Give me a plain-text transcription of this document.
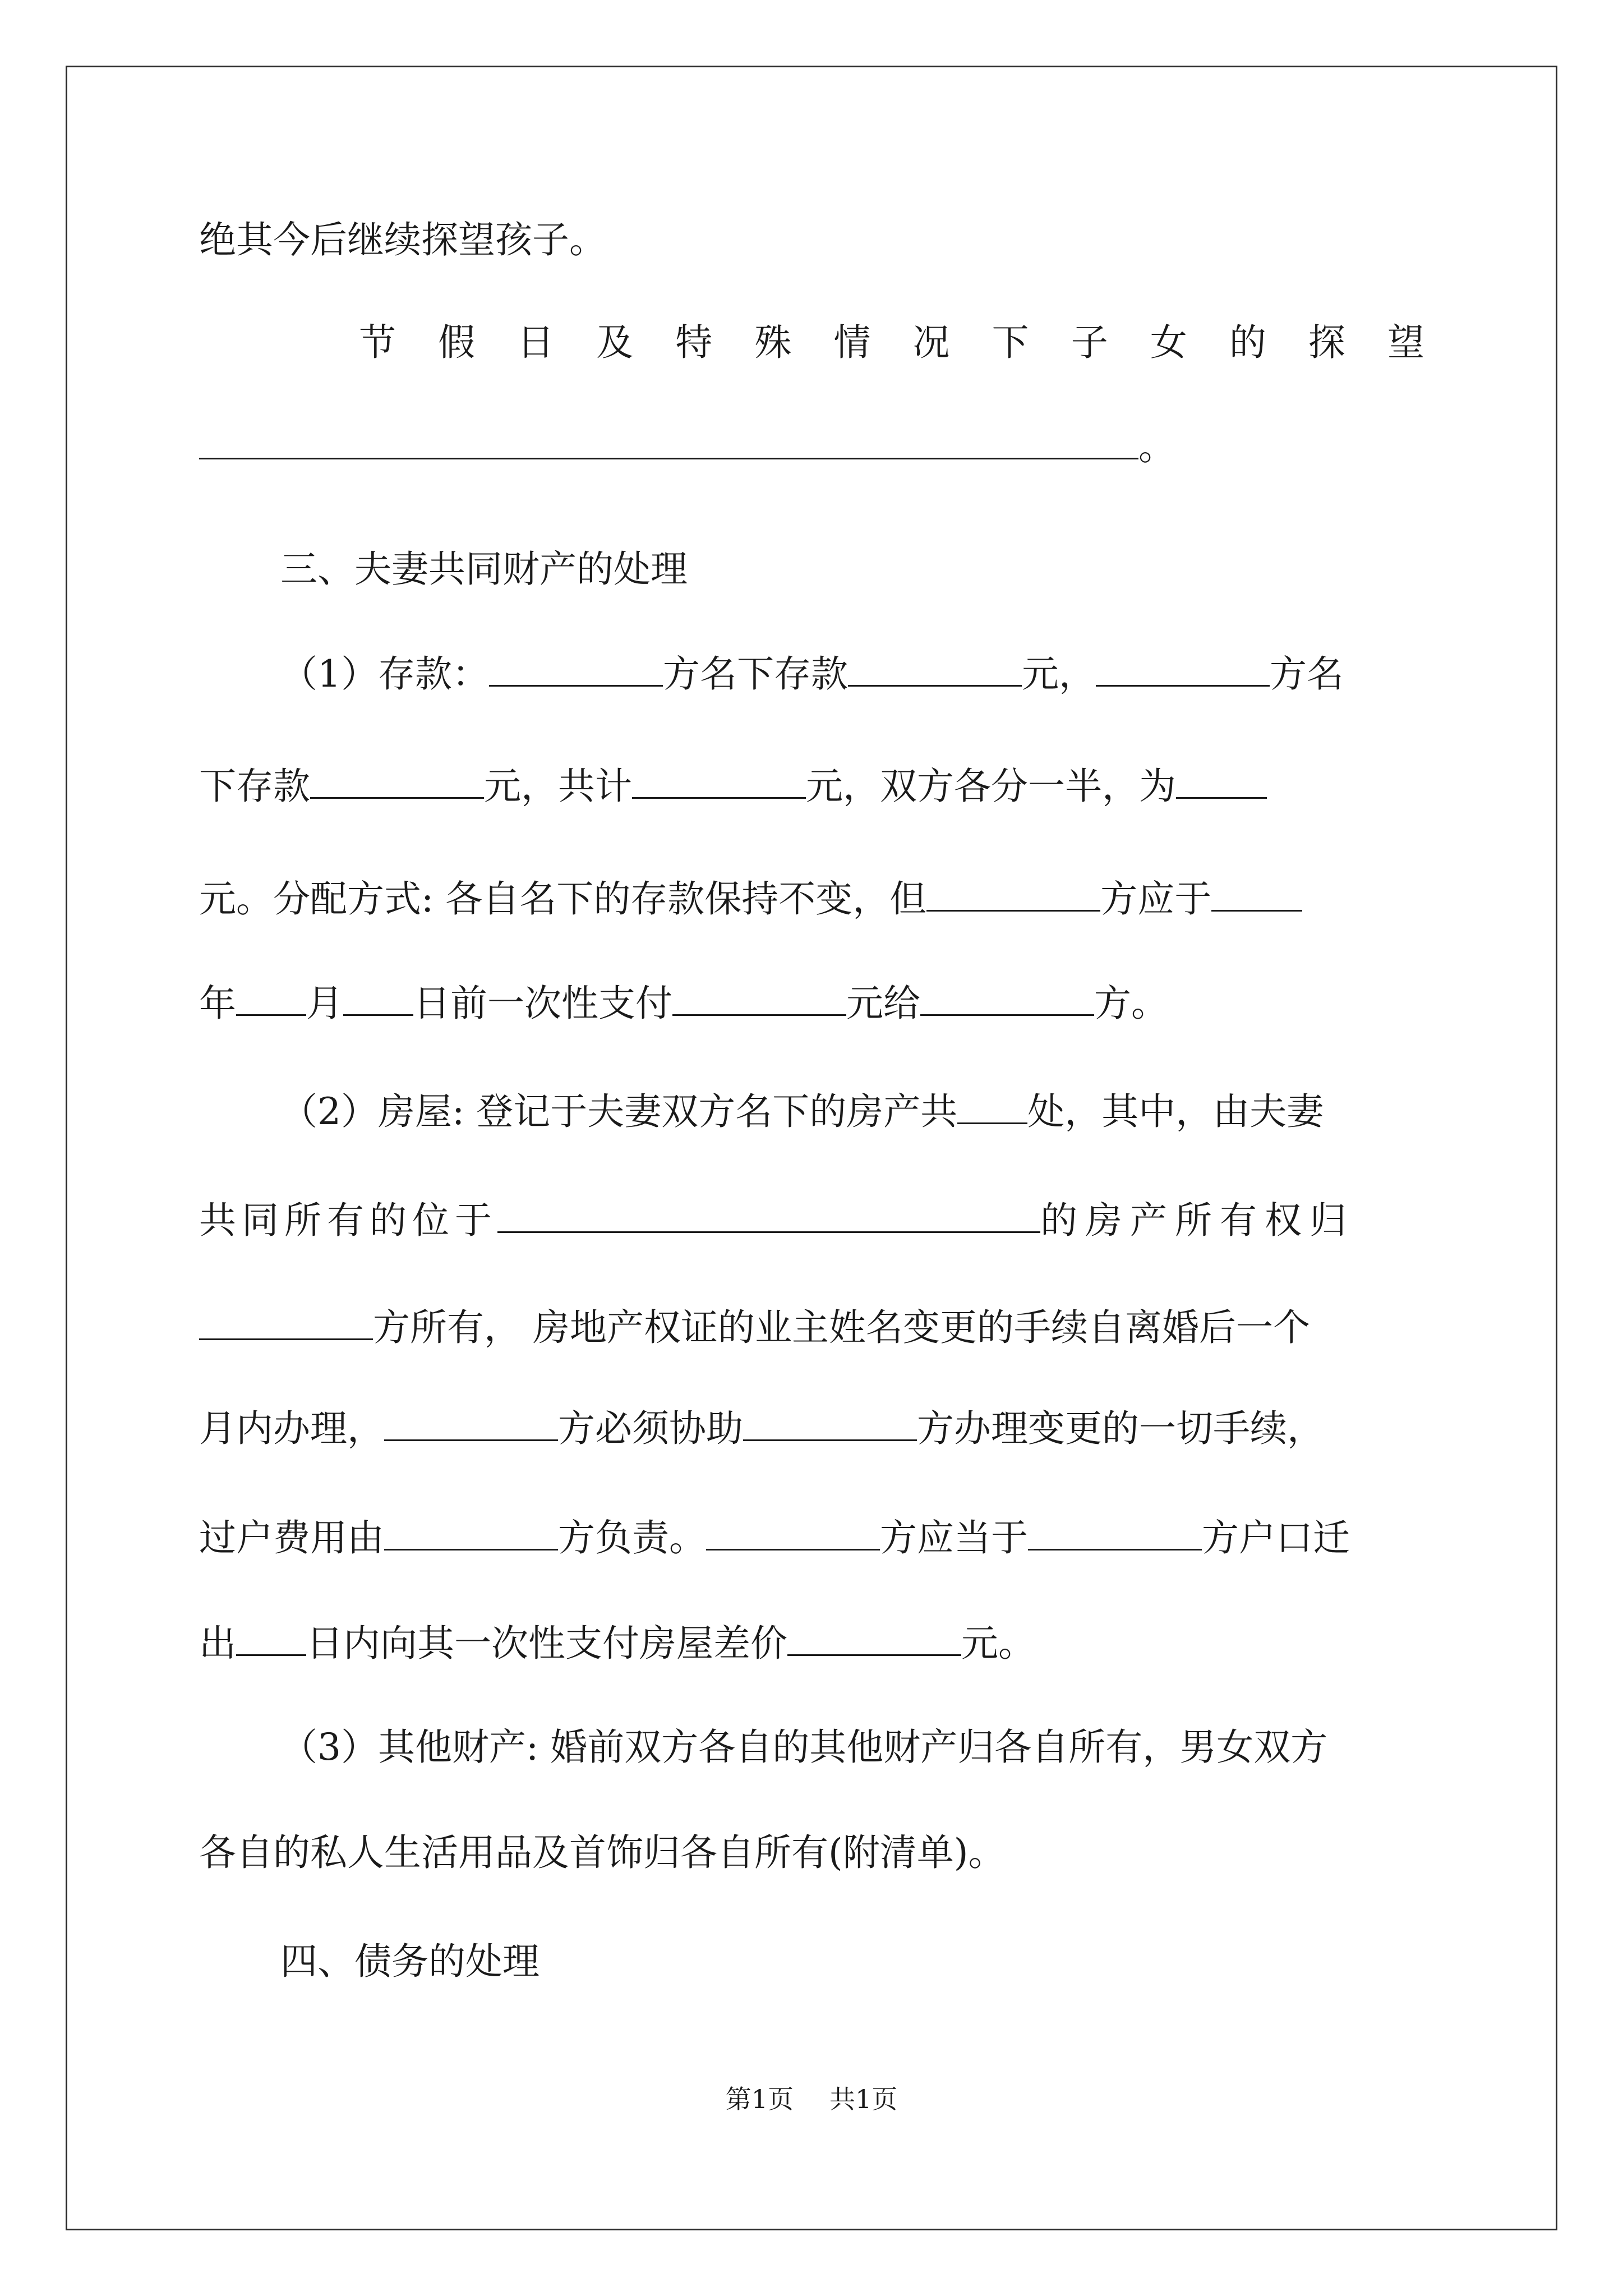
绝其今后继续探望孩子。
节 假 日 及 特 殊 情 况 下 子 女 的 探 望
。
三、夫妻共同财产的处理
（1）存款：	方名下存款	元，	方名
下存款	元，共计	元，双方各分一半，为
元。分配方式: 各自名下的存款保持不变，但	方应于
年 月 日前一次性支付	元给	方。
（2）房屋: 登记于夫妻双方名下的房产共 处，其中，由夫妻
共同所有的位于	的房产所有权归
方所有， 房地产权证的业主姓名变更的手续自离婚后一个
月内办理，	方必须协助	方办理变更的一切手续，
过户费用由	方负责。	方应当于	方户口迁
出 日内向其一次性支付房屋差价	元。
（3）其他财产: 婚前双方各自的其他财产归各自所有，男女双方
各自的私人生活用品及首饰归各自所有(附清单)。
四、债务的处理
第1页 共1页
